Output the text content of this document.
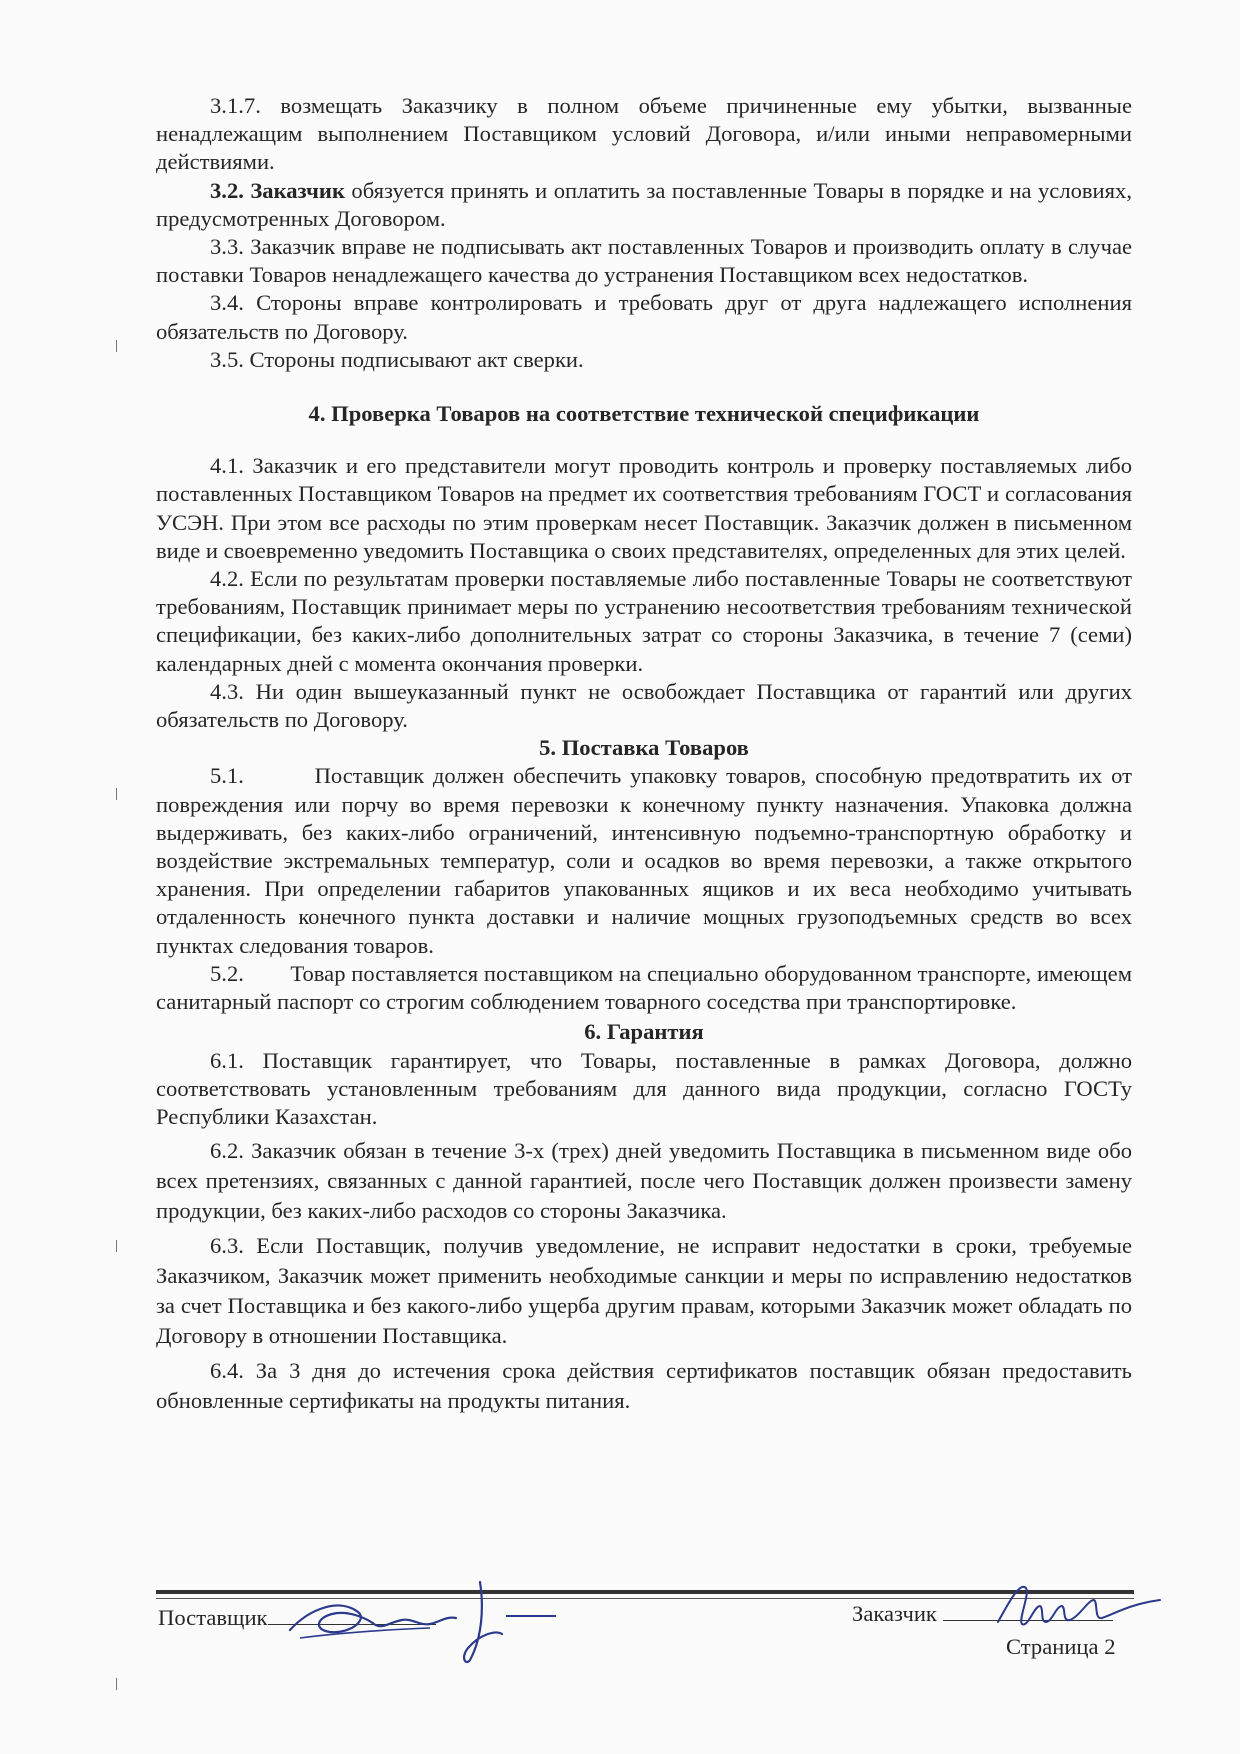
3.1.7. возмещать Заказчику в полном объеме причиненные ему убытки, вызванные ненадлежащим выполнением Поставщиком условий Договора, и/или иными неправомерными действиями.

3.2. Заказчик обязуется принять и оплатить за поставленные Товары в порядке и на условиях, предусмотренных Договором.

3.3. Заказчик вправе не подписывать акт поставленных Товаров и производить оплату в случае поставки Товаров ненадлежащего качества до устранения Поставщиком всех недостатков.

3.4. Стороны вправе контролировать и требовать друг от друга надлежащего исполнения обязательств по Договору.

3.5. Стороны подписывают акт сверки.

4. Проверка Товаров на соответствие технической спецификации

4.1. Заказчик и его представители могут проводить контроль и проверку поставляемых либо поставленных Поставщиком Товаров на предмет их соответствия требованиям ГОСТ и согласования УСЭН. При этом все расходы по этим проверкам несет Поставщик. Заказчик должен в письменном виде и своевременно уведомить Поставщика о своих представителях, определенных для этих целей.

4.2. Если по результатам проверки поставляемые либо поставленные Товары не соответствуют требованиям, Поставщик принимает меры по устранению несоответствия требованиям технической спецификации, без каких-либо дополнительных затрат со стороны Заказчика, в течение 7 (семи) календарных дней с момента окончания проверки.

4.3. Ни один вышеуказанный пункт не освобождает Поставщика от гарантий или других обязательств по Договору.

5. Поставка Товаров

5.1.        Поставщик должен обеспечить упаковку товаров, способную предотвратить их от повреждения или порчу во время перевозки к конечному пункту назначения. Упаковка должна выдерживать, без каких-либо ограничений, интенсивную подъемно-транспортную обработку и воздействие экстремальных температур, соли и осадков во время перевозки, а также открытого хранения. При определении габаритов упакованных ящиков и их веса необходимо учитывать отдаленность конечного пункта доставки и наличие мощных грузоподъемных средств во всех пунктах следования товаров.

5.2.        Товар поставляется поставщиком на специально оборудованном транспорте, имеющем санитарный паспорт со строгим соблюдением товарного соседства при транспортировке.

6. Гарантия

6.1. Поставщик гарантирует, что Товары, поставленные в рамках Договора, должно соответствовать установленным требованиям для данного вида продукции, согласно ГОСТу Республики Казахстан.

6.2. Заказчик обязан в течение 3-х (трех) дней уведомить Поставщика в письменном виде обо всех претензиях, связанных с данной гарантией, после чего Поставщик должен произвести замену продукции, без каких-либо расходов со стороны Заказчика.

6.3. Если Поставщик, получив уведомление, не исправит недостатки в сроки, требуемые Заказчиком, Заказчик может применить необходимые санкции и меры по исправлению недостатков за счет Поставщика и без какого-либо ущерба другим правам, которыми Заказчик может обладать по Договору в отношении Поставщика.

6.4. За 3 дня до истечения срока действия сертификатов поставщик обязан предоставить обновленные сертификаты на продукты питания.

Поставщик	Заказчик
Страница 2
